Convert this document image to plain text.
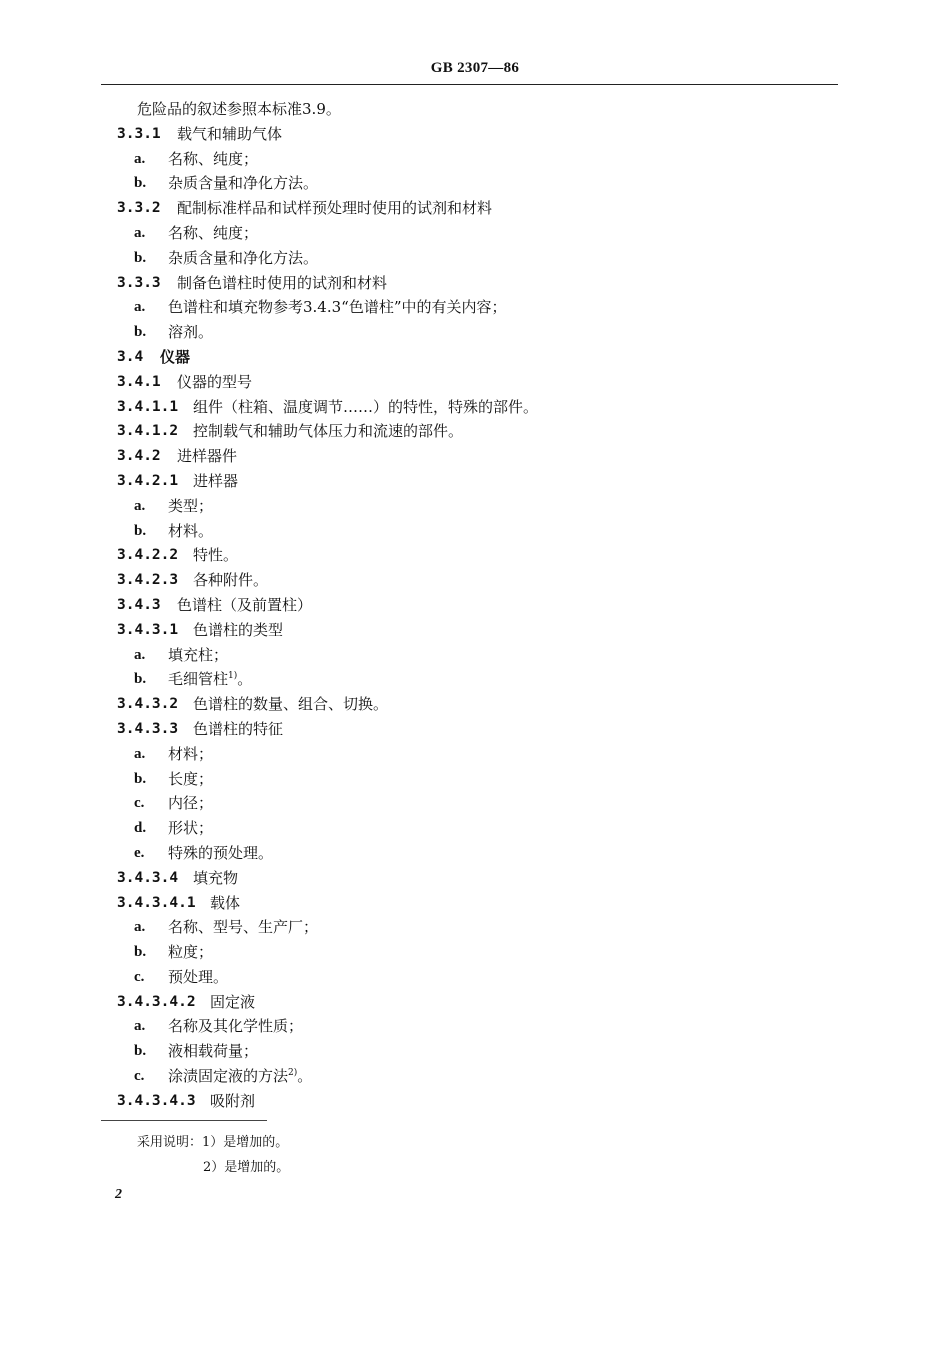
GB 2307—86
危险品的叙述参照本标准3.9。
3.3.1 载气和辅助气体
a. 名称、纯度；
b. 杂质含量和净化方法。
3.3.2 配制标准样品和试样预处理时使用的试剂和材料
a. 名称、纯度；
b. 杂质含量和净化方法。
3.3.3 制备色谱柱时使用的试剂和材料
a. 色谱柱和填充物参考3.4.3“色谱柱”中的有关内容；
b. 溶剂。
3.4 仪器
3.4.1 仪器的型号
3.4.1.1 组件（柱箱、温度调节……）的特性，特殊的部件。
3.4.1.2 控制载气和辅助气体压力和流速的部件。
3.4.2 进样器件
3.4.2.1 进样器
a. 类型；
b. 材料。
3.4.2.2 特性。
3.4.2.3 各种附件。
3.4.3 色谱柱（及前置柱）
3.4.3.1 色谱柱的类型
a. 填充柱；
b. 毛细管柱$^{1)}$。
3.4.3.2 色谱柱的数量、组合、切换。
3.4.3.3 色谱柱的特征
a. 材料；
b. 长度；
c. 内径；
d. 形状；
e. 特殊的预处理。
3.4.3.4 填充物
3.4.3.4.1 载体
a. 名称、型号、生产厂；
b. 粒度；
c. 预处理。
3.4.3.4.2 固定液
a. 名称及其化学性质；
b. 液相载荷量；
c. 涂渍固定液的方法$^{2)}$。
3.4.3.4.3 吸附剂
采用说明：1）是增加的。
2）是增加的。
2
